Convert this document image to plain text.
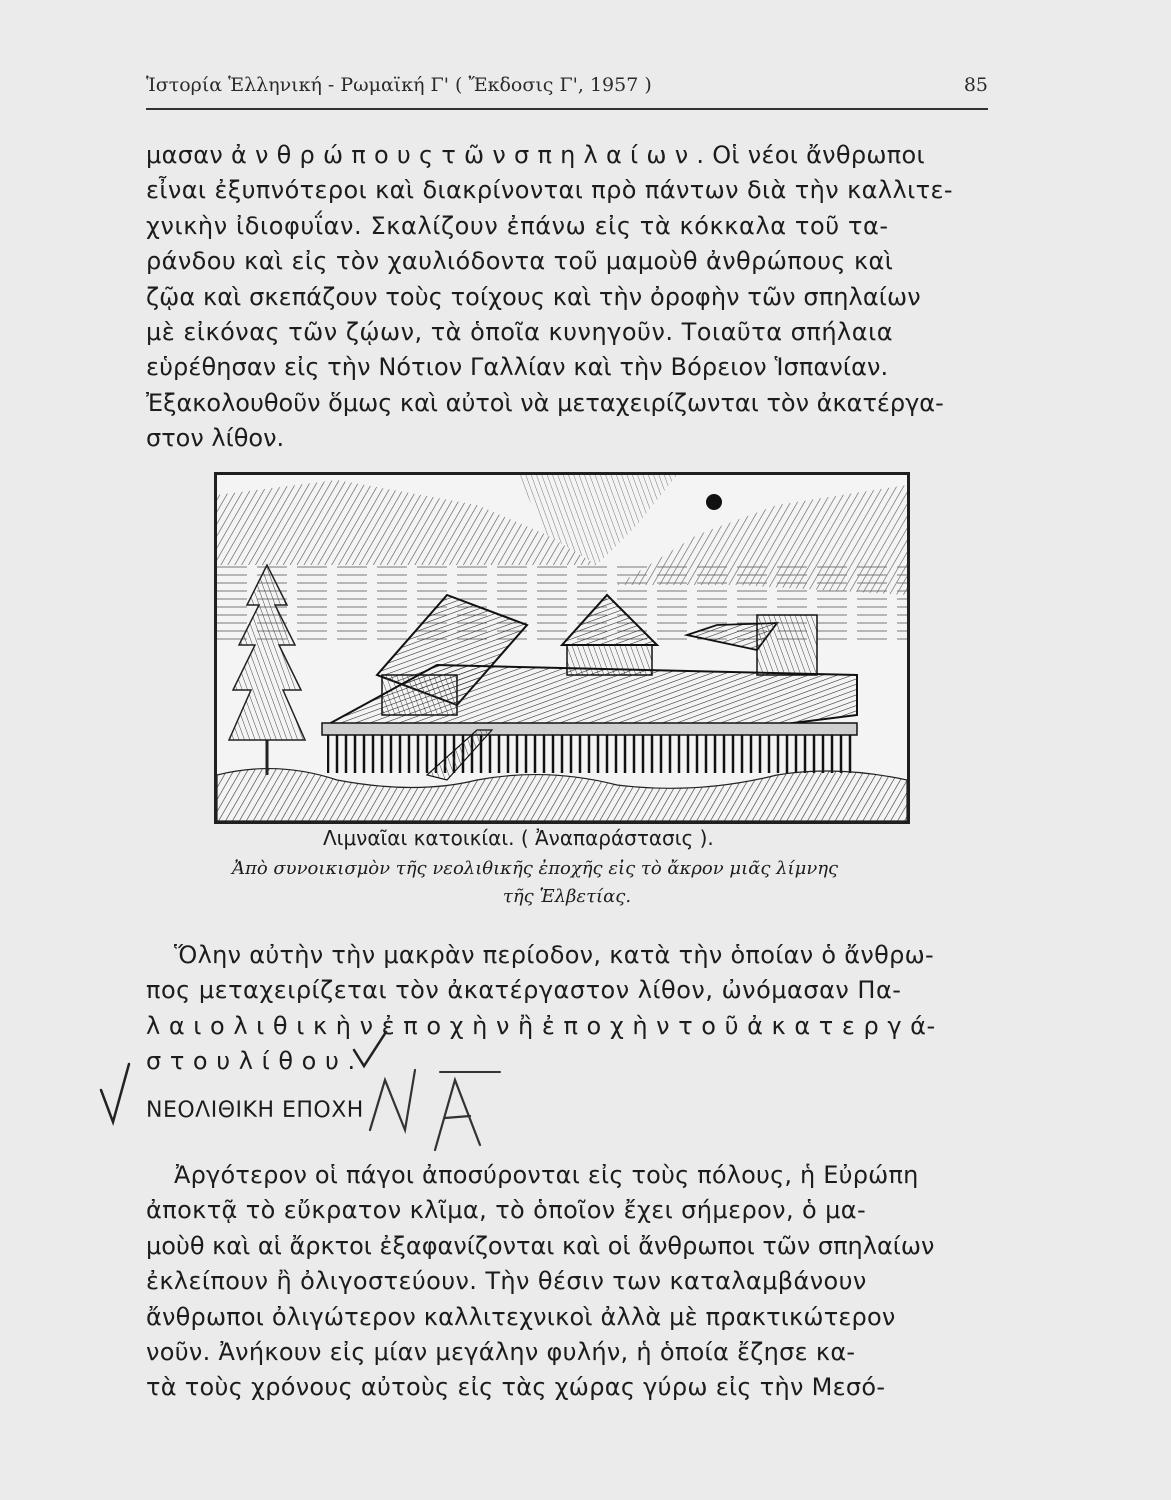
Ἱστορία Ἑλληνική - Ρωμαϊκή Γ' ( Ἔκδοσις Γ', 1957 )	85
μασαν ἀ ν θ ρ ώ π ο υ ς τ ῶ ν σ π η λ α ί ω ν . Οἱ νέοι ἄνθρωποι
εἶναι ἐξυπνότεροι καὶ διακρίνονται πρὸ πάντων διὰ τὴν καλλιτε-
χνικὴν ἰδιοφυΐαν. Σκαλίζουν ἐπάνω εἰς τὰ κόκκαλα τοῦ τα-
ράνδου καὶ εἰς τὸν χαυλιόδοντα τοῦ μαμοὺθ ἀνθρώπους καὶ
ζῷα καὶ σκεπάζουν τοὺς τοίχους καὶ τὴν ὀροφὴν τῶν σπηλαίων
μὲ εἰκόνας τῶν ζῴων, τὰ ὁποῖα κυνηγοῦν. Τοιαῦτα σπήλαια
εὑρέθησαν εἰς τὴν Νότιον Γαλλίαν καὶ τὴν Βόρειον Ἱσπανίαν.
Ἐξακολουθοῦν ὅμως καὶ αὐτοὶ νὰ μεταχειρίζωνται τὸν ἀκατέργα-
στον λίθον.
Λιμναῖαι κατοικίαι. ( Ἀναπαράστασις ).
Ἀπὸ συνοικισμὸν τῆς νεολιθικῆς ἐποχῆς εἰς τὸ ἄκρον μιᾶς λίμνης
τῆς Ἑλβετίας.
Ὅλην αὐτὴν τὴν μακρὰν περίοδον, κατὰ τὴν ὁποίαν ὁ ἄνθρω-
πος μεταχειρίζεται τὸν ἀκατέργαστον λίθον, ὠνόμασαν Πα-
λ α ι ο λ ι θ ι κ ὴ ν ἐ π ο χ ὴ ν ἢ ἐ π ο χ ὴ ν τ ο ῦ ἀ κ α τ ε ρ γ ά-
σ τ ο υ λ ί θ ο υ .
ΝΕΟΛΙΘΙΚΗ ΕΠΟΧΗ
Ἀργότερον οἱ πάγοι ἀποσύρονται εἰς τοὺς πόλους, ἡ Εὐρώπη
ἀποκτᾷ τὸ εὔκρατον κλῖμα, τὸ ὁποῖον ἔχει σήμερον, ὁ μα-
μοὺθ καὶ αἱ ἄρκτοι ἐξαφανίζονται καὶ οἱ ἄνθρωποι τῶν σπηλαίων
ἐκλείπουν ἢ ὀλιγοστεύουν. Τὴν θέσιν των καταλαμβάνουν
ἄνθρωποι ὀλιγώτερον καλλιτεχνικοὶ ἀλλὰ μὲ πρακτικώτερον
νοῦν. Ἀνήκουν εἰς μίαν μεγάλην φυλήν, ἡ ὁποία ἔζησε κα-
τὰ τοὺς χρόνους αὐτοὺς εἰς τὰς χώρας γύρω εἰς τὴν Μεσό-
